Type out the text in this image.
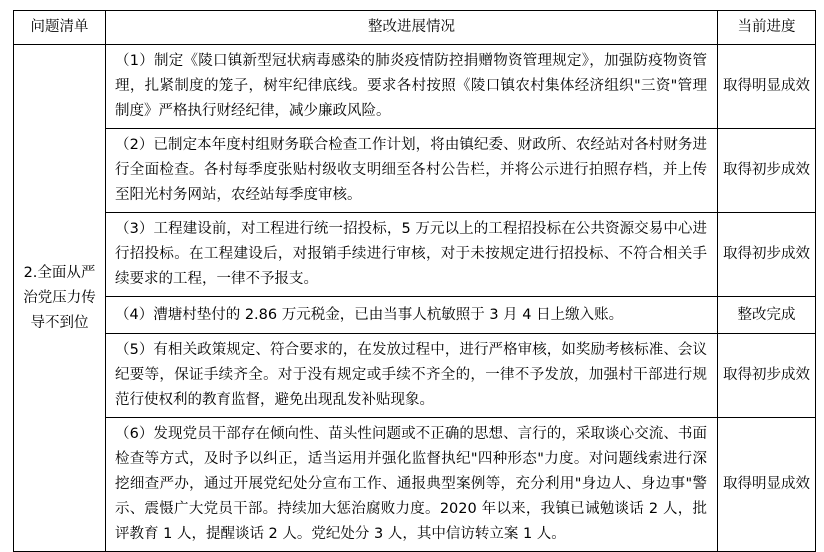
问题清单	整改进展情况	当前进度
2.全面从严治党压力传导不到位	（1）制定《陵口镇新型冠状病毒感染的肺炎疫情防控捐赠物资管理规定》，加强防疫物资管理，扎紧制度的笼子，树牢纪律底线。要求各村按照《陵口镇农村集体经济组织"三资"管理制度》严格执行财经纪律，减少廉政风险。	取得明显成效
	（2）已制定本年度村组财务联合检查工作计划，将由镇纪委、财政所、农经站对各村财务进行全面检查。各村每季度张贴村级收支明细至各村公告栏，并将公示进行拍照存档，并上传至阳光村务网站，农经站每季度审核。	取得初步成效
	（3）工程建设前，对工程进行统一招投标，5 万元以上的工程招投标在公共资源交易中心进行招投标。在工程建设后，对报销手续进行审核，对于未按规定进行招投标、不符合相关手续要求的工程，一律不予报支。	取得初步成效
	（4）漕塘村垫付的 2.86 万元税金，已由当事人杭敏照于 3 月 4 日上缴入账。	整改完成
	（5）有相关政策规定、符合要求的，在发放过程中，进行严格审核，如奖励考核标准、会议纪要等，保证手续齐全。对于没有规定或手续不齐全的，一律不予发放，加强村干部进行规范行使权利的教育监督，避免出现乱发补贴现象。	取得初步成效
	（6）发现党员干部存在倾向性、苗头性问题或不正确的思想、言行的，采取谈心交流、书面检查等方式，及时予以纠正，适当运用并强化监督执纪"四种形态"力度。对问题线索进行深挖细查严办，通过开展党纪处分宣布工作、通报典型案例等，充分利用"身边人、身边事"警示、震慑广大党员干部。持续加大惩治腐败力度。2020 年以来，我镇已诫勉谈话 2 人，批评教育 1 人，提醒谈话 2 人。党纪处分 3 人，其中信访转立案 1 人。	取得明显成效
